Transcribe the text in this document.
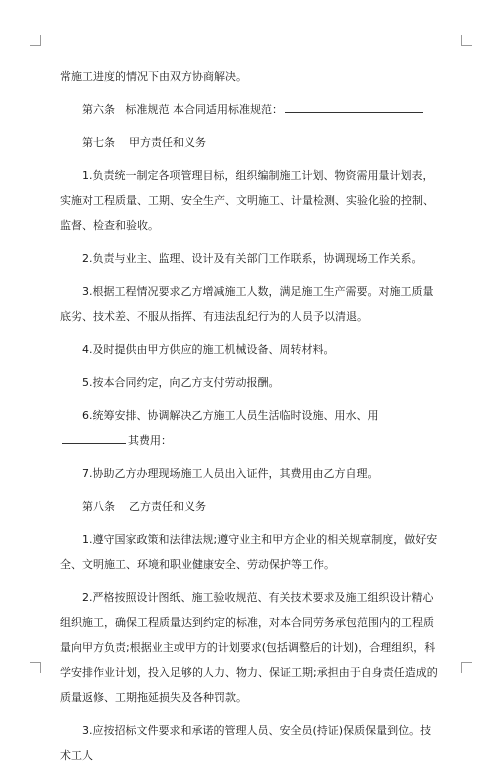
常施工进度的情况下由双方协商解决。

第六条 标准规范 本合同适用标准规范：

第七条 甲方责任和义务

1.负责统一制定各项管理目标，组织编制施工计划、物资需用量计划表，实施对工程质量、工期、安全生产、文明施工、计量检测、实验化验的控制、监督、检查和验收。

2.负责与业主、监理、设计及有关部门工作联系，协调现场工作关系。

3.根据工程情况要求乙方增减施工人数，满足施工生产需要。对施工质量底劣、技术差、不服从指挥、有违法乱纪行为的人员予以清退。

4.及时提供由甲方供应的施工机械设备、周转材料。

5.按本合同约定，向乙方支付劳动报酬。

6.统筹安排、协调解决乙方施工人员生活临时设施、用水、用其费用：

7.协助乙方办理现场施工人员出入证件，其费用由乙方自理。

第八条 乙方责任和义务

1.遵守国家政策和法律法规;遵守业主和甲方企业的相关规章制度，做好安全、文明施工、环境和职业健康安全、劳动保护等工作。

2.严格按照设计图纸、施工验收规范、有关技术要求及施工组织设计精心组织施工，确保工程质量达到约定的标准，对本合同劳务承包范围内的工程质量向甲方负责;根据业主或甲方的计划要求(包括调整后的计划)，合理组织，科学安排作业计划，投入足够的人力、物力、保证工期;承担由于自身责任造成的质量返修、工期拖延损失及各种罚款。

3.应按招标文件要求和承诺的管理人员、安全员(持证)保质保量到位。技术工人
